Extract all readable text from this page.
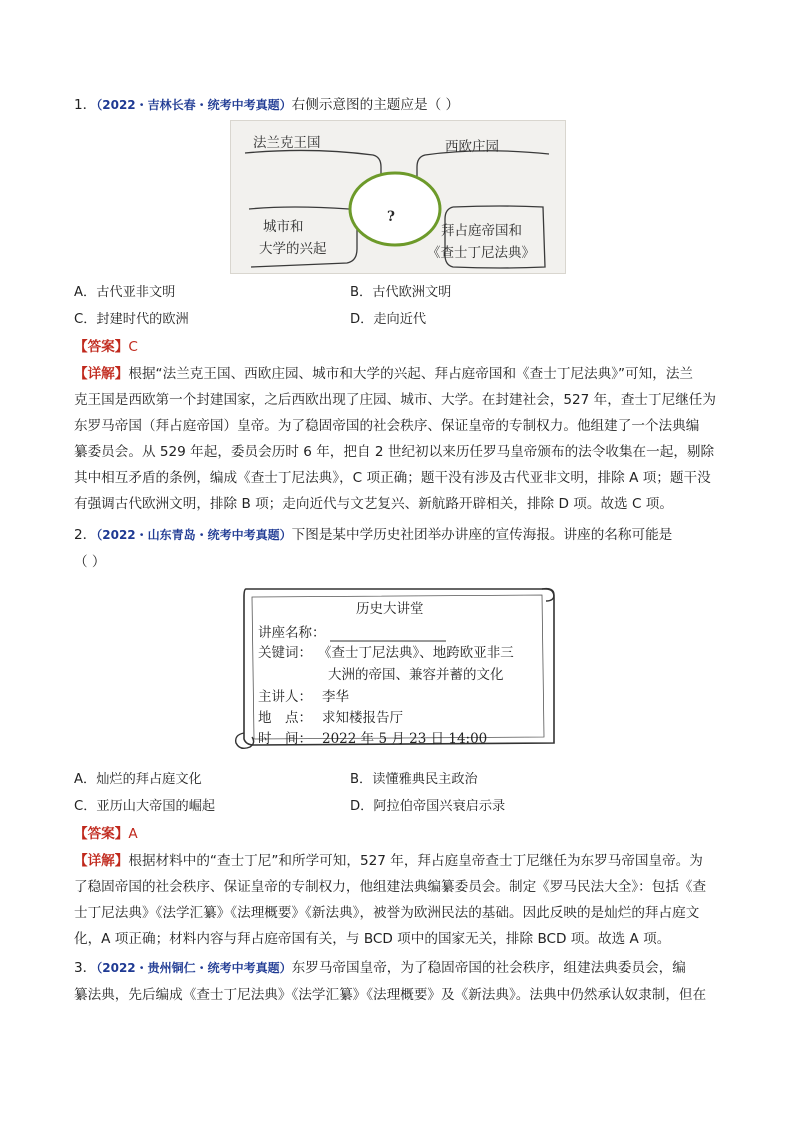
1．（2022・吉林长春・统考中考真题）右侧示意图的主题应是（ ）
法兰克王国	西欧庄园
?
城市和
大学的兴起
拜占庭帝国和
《查士丁尼法典》
A．古代亚非文明	B．古代欧洲文明
C．封建时代的欧洲	D．走向近代
【答案】C
【详解】根据“法兰克王国、西欧庄园、城市和大学的兴起、拜占庭帝国和《查士丁尼法典》”可知，法兰
克王国是西欧第一个封建国家，之后西欧出现了庄园、城市、大学。在封建社会，527 年，查士丁尼继任为
东罗马帝国（拜占庭帝国）皇帝。为了稳固帝国的社会秩序、保证皇帝的专制权力。他组建了一个法典编
纂委员会。从 529 年起，委员会历时 6 年，把自 2 世纪初以来历任罗马皇帝颁布的法令收集在一起，剔除
其中相互矛盾的条例，编成《查士丁尼法典》，C 项正确；题干没有涉及古代亚非文明，排除 A 项；题干没
有强调古代欧洲文明，排除 B 项；走向近代与文艺复兴、新航路开辟相关，排除 D 项。故选 C 项。
2．（2022・山东青岛・统考中考真题）下图是某中学历史社团举办讲座的宣传海报。讲座的名称可能是
（ ）
历史大讲堂
讲座名称：
关键词： 《查士丁尼法典》、地跨欧亚非三
大洲的帝国、兼容并蓄的文化
主讲人： 李华
地　点： 求知楼报告厅
时　间： 2022 年 5 月 23 日 14:00
A．灿烂的拜占庭文化	B．读懂雅典民主政治
C．亚历山大帝国的崛起	D．阿拉伯帝国兴衰启示录
【答案】A
【详解】根据材料中的“查士丁尼”和所学可知，527 年，拜占庭皇帝查士丁尼继任为东罗马帝国皇帝。为
了稳固帝国的社会秩序、保证皇帝的专制权力，他组建法典编纂委员会。制定《罗马民法大全》：包括《查
士丁尼法典》《法学汇纂》《法理概要》《新法典》，被誉为欧洲民法的基础。因此反映的是灿烂的拜占庭文
化，A 项正确；材料内容与拜占庭帝国有关，与 BCD 项中的国家无关，排除 BCD 项。故选 A 项。
3．（2022・贵州铜仁・统考中考真题）东罗马帝国皇帝，为了稳固帝国的社会秩序，组建法典委员会，编
纂法典，先后编成《查士丁尼法典》《法学汇纂》《法理概要》及《新法典》。法典中仍然承认奴隶制，但在
